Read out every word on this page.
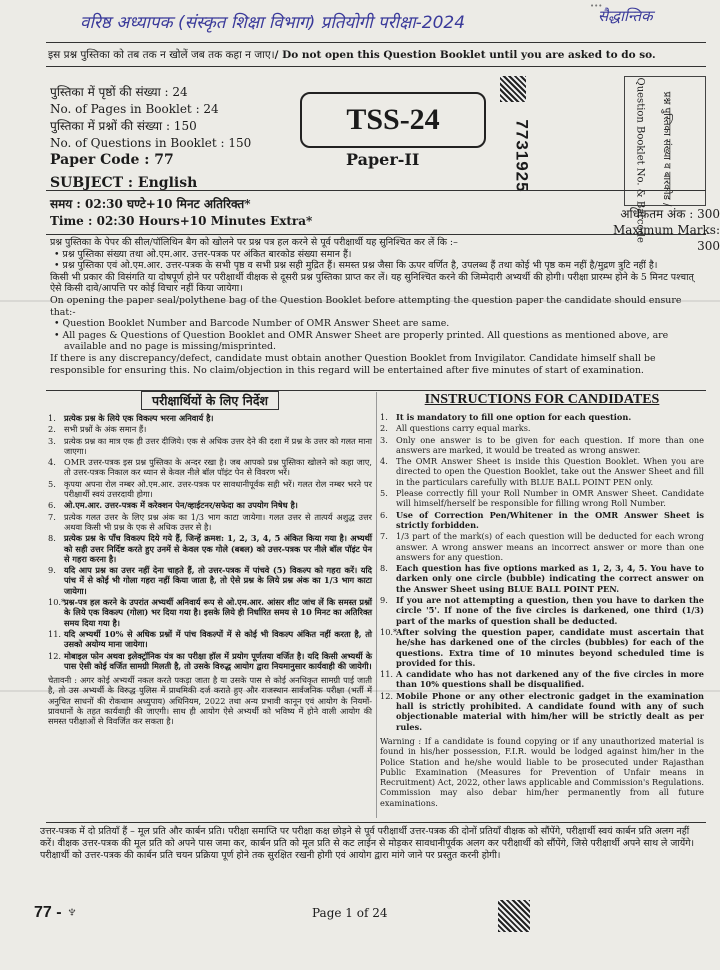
•••
वरिष्ठ अध्यापक (संस्कृत शिक्षा विभाग) प्रतियोगी परीक्षा-2024	सैद्धान्तिक
इस प्रश्न पुस्तिका को तब तक न खोलें जब तक कहा न जाए।/ Do not open this Question Booklet until you are asked to do so.
पुस्तिका में पृष्ठों की संख्या : 24
No. of Pages in Booklet : 24
पुस्तिका में प्रश्नों की संख्या : 150
No. of Questions in Booklet : 150
Paper Code : 77
SUBJECT : English
TSS-24
Paper-II	7731925	Question Booklet No. & Barcode प्रश्न पुस्तिका संख्या व बारकोड /
समय : 02:30 घण्टे+10 मिनट अतिरिक्त*
Time : 02:30 Hours+10 Minutes Extra*	अधिकतम अंक : 300
Maximum Marks: 300

प्रश्न पुस्तिका के पेपर की सील/पॉलिथिन बैग को खोलने पर प्रश्न पत्र हल करने से पूर्व परीक्षार्थी यह सुनिश्चित कर लें कि :–

• प्रश्न पुस्तिका संख्या तथा ओ.एम.आर. उत्तर-पत्रक पर अंकित बारकोड संख्या समान हैं।

• प्रश्न पुस्तिका एवं ओ.एम.आर. उत्तर-पत्रक के सभी पृष्ठ व सभी प्रश्न सही मुद्रित हैं। समस्त प्रश्न जैसा कि ऊपर वर्णित है, उपलब्ध हैं तथा कोई भी पृष्ठ कम नहीं है/मुद्रण त्रुटि नहीं है।

किसी भी प्रकार की विसंगति या दोषपूर्ण होने पर परीक्षार्थी वीक्षक से दूसरी प्रश्न पुस्तिका प्राप्त कर लें। यह सुनिश्चित करने की जिम्मेदारी अभ्यर्थी की होगी। परीक्षा प्रारम्भ होने के 5 मिनट पश्चात् ऐसे किसी दावे/आपत्ति पर कोई विचार नहीं किया जायेगा।

On opening the paper seal/polythene bag of the Question Booklet before attempting the question paper the candidate should ensure that:-

• Question Booklet Number and Barcode Number of OMR Answer Sheet are same.

• All pages & Questions of Question Booklet and OMR Answer Sheet are properly printed. All questions as mentioned above, are available and no page is missing/misprinted.

If there is any discrepancy/defect, candidate must obtain another Question Booklet from Invigilator. Candidate himself shall be responsible for ensuring this. No claim/objection in this regard will be entertained after five minutes of start of examination.

परीक्षार्थियों के लिए निर्देश
1. प्रत्येक प्रश्न के लिये एक विकल्प भरना अनिवार्य है।
2. सभी प्रश्नों के अंक समान हैं।
3. प्रत्येक प्रश्न का मात्र एक ही उत्तर दीजिये। एक से अधिक उत्तर देने की दशा में प्रश्न के उत्तर को गलत माना जाएगा।
4. OMR उत्तर-पत्रक इस प्रश्न पुस्तिका के अन्दर रखा है। जब आपको प्रश्न पुस्तिका खोलने को कहा जाए, तो उत्तर-पत्रक निकाल कर ध्यान से केवल नीले बॉल पॉइंट पेन से विवरण भरें।
5. कृपया अपना रोल नम्बर ओ.एम.आर. उत्तर-पत्रक पर सावधानीपूर्वक सही भरें। गलत रोल नम्बर भरने पर परीक्षार्थी स्वयं उत्तरदायी होगा।
6. ओ.एम.आर. उत्तर-पत्रक में करेक्शन पेन/व्हाईटनर/सफेदा का उपयोग निषेध है।
7. प्रत्येक गलत उत्तर के लिए प्रश्न अंक का 1/3 भाग काटा जायेगा। गलत उत्तर से तात्पर्य अशुद्ध उत्तर अथवा किसी भी प्रश्न के एक से अधिक उत्तर से है।
8. प्रत्येक प्रश्न के पाँच विकल्प दिये गये हैं, जिन्हें क्रमश: 1, 2, 3, 4, 5 अंकित किया गया है। अभ्यर्थी को सही उत्तर निर्दिष्ट करते हुए उनमें से केवल एक गोले (बबल) को उत्तर-पत्रक पर नीले बॉल पॉइंट पेन से गहरा करना है।
9. यदि आप प्रश्न का उत्तर नहीं देना चाहते हैं, तो उत्तर-पत्रक में पांचवे (5) विकल्प को गहरा करें। यदि पांच में से कोई भी गोला गहरा नहीं किया जाता है, तो ऐसे प्रश्न के लिये प्रश्न अंक का 1/3 भाग काटा जायेगा।
10.*
प्रश्न-पत्र हल करने के उपरांत अभ्यर्थी अनिवार्य रूप से ओ.एम.आर. आंसर शीट जांच लें कि समस्त प्रश्नों के लिये एक विकल्प (गोला) भर दिया गया है। इसके लिये ही निर्धारित समय से 10 मिनट का अतिरिक्त समय दिया गया है।
11. यदि अभ्यर्थी 10% से अधिक प्रश्नों में पांच विकल्पों में से कोई भी विकल्प अंकित नहीं करता है, तो उसको अयोग्य माना जायेगा।
12. मोबाइल फोन अथवा इलेक्ट्रॉनिक यंत्र का परीक्षा हॉल में प्रयोग पूर्णतया वर्जित है। यदि किसी अभ्यर्थी के पास ऐसी कोई वर्जित सामग्री मिलती है, तो उसके विरुद्ध आयोग द्वारा नियमानुसार कार्यवाही की जायेगी।
चेतावनी : अगर कोई अभ्यर्थी नकल करते पकड़ा जाता है या उसके पास से कोई अनधिकृत सामग्री पाई जाती है, तो उस अभ्यर्थी के विरुद्ध पुलिस में प्राथमिकी दर्ज कराते हुए और राजस्थान सार्वजनिक परीक्षा (भर्ती में अनुचित साधनों की रोकथाम अध्युपाय) अधिनियम, 2022 तथा अन्य प्रभावी कानून एवं आयोग के नियमों-प्रावधानों के तहत कार्यवाही की जाएगी। साथ ही आयोग ऐसे अभ्यर्थी को भविष्य में होने वाली आयोग की समस्त परीक्षाओं से विवर्जित कर सकता है।
INSTRUCTIONS FOR CANDIDATES
1. It is mandatory to fill one option for each question.
2. All questions carry equal marks.
3. Only one answer is to be given for each question. If more than one answers are marked, it would be treated as wrong answer.
4. The OMR Answer Sheet is inside this Question Booklet. When you are directed to open the Question Booklet, take out the Answer Sheet and fill in the particulars carefully with BLUE BALL POINT PEN only.
5. Please correctly fill your Roll Number in OMR Answer Sheet. Candidate will himself/herself be responsible for filling wrong Roll Number.
6. Use of Correction Pen/Whitener in the OMR Answer Sheet is strictly forbidden.
7. 1/3 part of the mark(s) of each question will be deducted for each wrong answer. A wrong answer means an incorrect answer or more than one answers for any question.
8. Each question has five options marked as 1, 2, 3, 4, 5. You have to darken only one circle (bubble) indicating the correct answer on the Answer Sheet using BLUE BALL POINT PEN.
9. If you are not attempting a question, then you have to darken the circle '5'. If none of the five circles is darkened, one third (1/3) part of the marks of question shall be deducted.
10.*
After solving the question paper, candidate must ascertain that he/she has darkened one of the circles (bubbles) for each of the questions. Extra time of 10 minutes beyond scheduled time is provided for this.
11. A candidate who has not darkened any of the five circles in more than 10% questions shall be disqualified.
12. Mobile Phone or any other electronic gadget in the examination hall is strictly prohibited. A candidate found with any of such objectionable material with him/her will be strictly dealt as per rules.
Warning : If a candidate is found copying or if any unauthorized material is found in his/her possession, F.I.R. would be lodged against him/her in the Police Station and he/she would liable to be prosecuted under Rajasthan Public Examination (Measures for Prevention of Unfair means in Recruitment) Act, 2022, other laws applicable and Commission's Regulations. Commission may also debar him/her permanently from all future examinations.
उत्तर-पत्रक में दो प्रतियाँ हैं – मूल प्रति और कार्बन प्रति। परीक्षा समाप्ति पर परीक्षा कक्ष छोड़ने से पूर्व परीक्षार्थी उत्तर-पत्रक की दोनों प्रतियाँ वीक्षक को सौंपेंगे, परीक्षार्थी स्वयं कार्बन प्रति अलग नहीं करें। वीक्षक उत्तर-पत्रक की मूल प्रति को अपने पास जमा कर, कार्बन प्रति को मूल प्रति से कट लाईन से मोड़कर सावधानीपूर्वक अलग कर परीक्षार्थी को सौंपेंगे, जिसे परीक्षार्थी अपने साथ ले जायेंगे। परीक्षार्थी को उत्तर-पत्रक की कार्बन प्रति चयन प्रक्रिया पूर्ण होने तक सुरक्षित रखनी होगी एवं आयोग द्वारा मांगे जाने पर प्रस्तुत करनी होगी।
77 - ♆	Page 1 of 24
